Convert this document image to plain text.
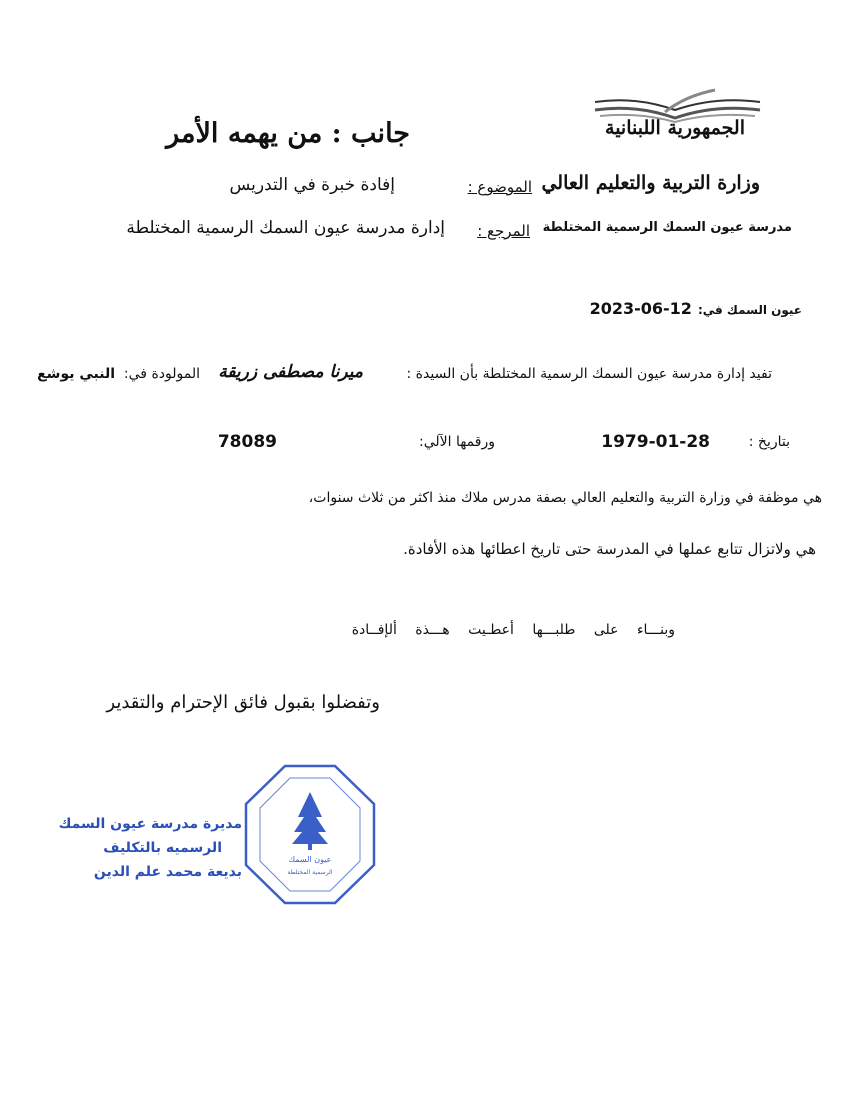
الجمهورية اللبنانية
وزارة التربية والتعليم العالي
مدرسة عيون السمك الرسمية المختلطة
جانب : من يهمه الأمر
الموضوع :
إفادة خبرة في التدريس
المرجع :
إدارة مدرسة عيون السمك الرسمية المختلطة
عيون السمك في:
2023-06-12
تفيد إدارة مدرسة عيون السمك الرسمية المختلطة بأن السيدة :
ميرنا مصطفى زريقة
المولودة في:
النبي يوشع
بتاريخ :
1979-01-28
ورقمها الآلي:
78089
هي موظفة في وزارة التربية والتعليم العالي بصفة مدرس ملاك منذ اكثر من ثلاث سنوات،
هي ولاتزال تتابع عملها في المدرسة حتى تاريخ اعطائها هذه الأفادة.
وبنـــاء على طلبـــها أعطـيت هـــذة ألإفــادة
وتفضلوا بقبول فائق الإحترام والتقدير
عيون السمك
الرسمية المختلطة
مديرة مدرسة عيون السمك
الرسميه بالتكليف
بديعة محمد علم الدين
